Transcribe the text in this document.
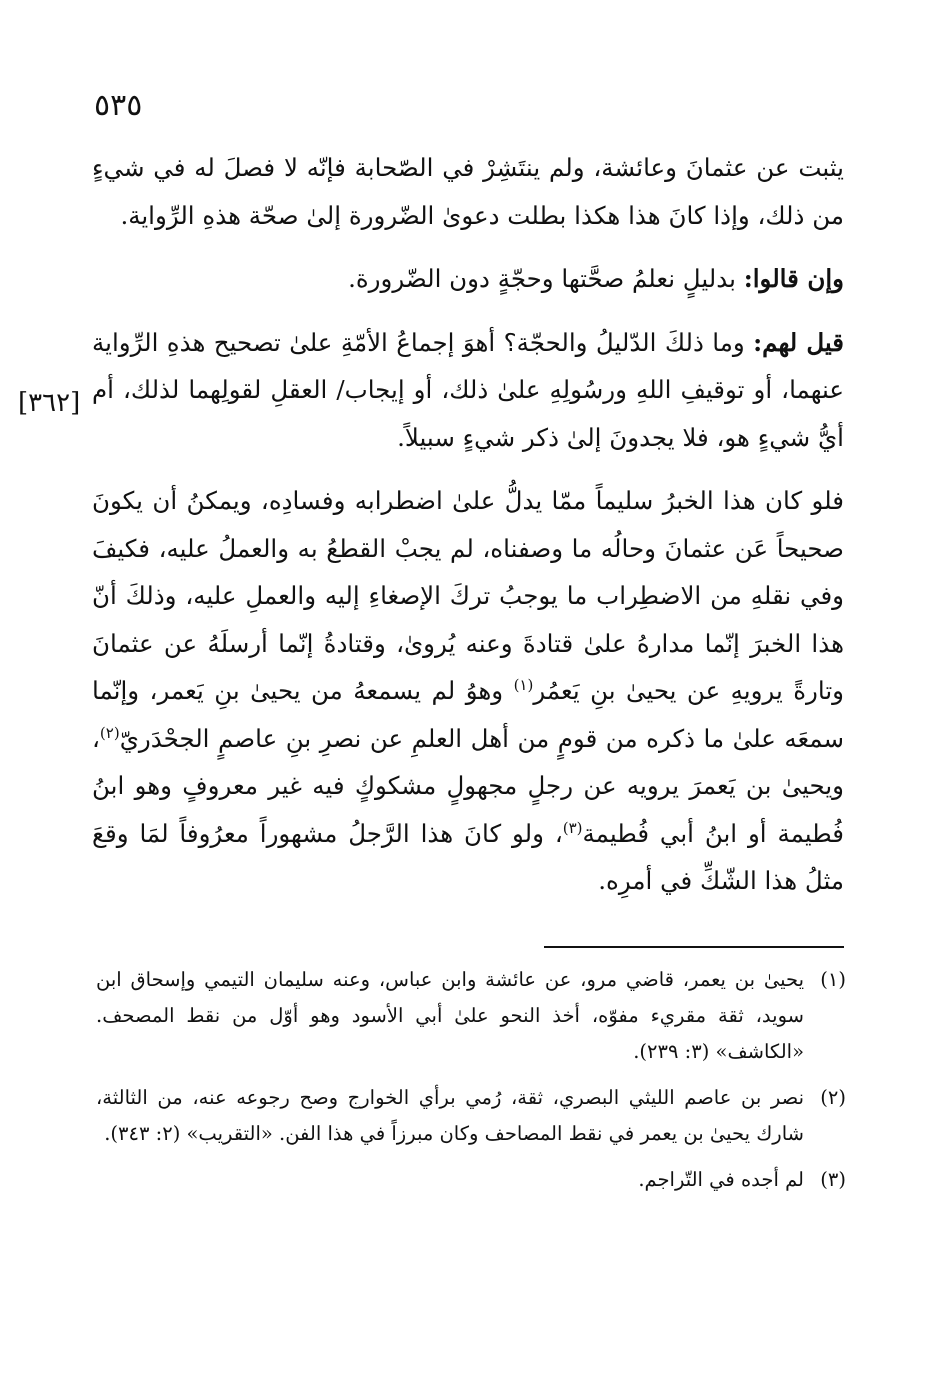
٥٣٥
[٣٦٢]

يثبت عن عثمانَ وعائشة، ولم ينتَشِرْ في الصّحابة فإنّه لا فصلَ له في شيءٍ من ذلك، وإذا كانَ هذا هكذا بطلت دعوىٰ الضّرورة إلىٰ صحّة هذهِ الرِّواية.

وإن قالوا: بدليلٍ نعلمُ صحَّتها وحجّةٍ دون الضّرورة.

قيل لهم: وما ذلكَ الدّليلُ والحجّة؟ أهوَ إجماعُ الأمّةِ علىٰ تصحيح هذهِ الرِّواية عنهما، أو توقيفِ اللهِ ورسُولِهِ علىٰ ذلك، أو إيجاب/ العقلِ لقولِهما لذلك، أم أيُّ شيءٍ هو، فلا يجدونَ إلىٰ ذكر شيءٍ سبيلاً.

فلو كان هذا الخبرُ سليماً ممّا يدلُّ علىٰ اضطرابه وفسادِه، ويمكنُ أن يكونَ صحيحاً عَن عثمانَ وحالُه ما وصفناه، لم يجبْ القطعُ به والعملُ عليه، فكيفَ وفي نقلهِ من الاضطِراب ما يوجبُ تركَ الإصغاءِ إليه والعملِ عليه، وذلكَ أنّ هذا الخبرَ إنّما مدارهُ علىٰ قتادةَ وعنه يُروىٰ، وقتادةُ إنّما أرسلَهُ عن عثمانَ وتارةً يرويهِ عن يحيىٰ بنِ يَعمُر$^{(١)}$ وهوُ لم يسمعهُ من يحيىٰ بنِ يَعمر، وإنّما سمعَه علىٰ ما ذكره من قومٍ من أهل العلمِ عن نصرِ بنِ عاصمٍ الجحْدَريّ$^{(٢)}$، ويحيىٰ بن يَعمرَ يرويه عن رجلٍ مجهولٍ مشكوكٍ فيه غير معروفٍ وهو ابنُ فُطيمة أو ابنُ أبي فُطيمة$^{(٣)}$، ولو كانَ هذا الرَّجلُ مشهوراً معرُوفاً لمَا وقعَ مثلُ هذا الشّكِّ في أمرِه.

(١)
يحيىٰ بن يعمر، قاضي مرو، عن عائشة وابن عباس، وعنه سليمان التيمي وإسحاق ابن سويد، ثقة مقريء مفوّه، أخذ النحو علىٰ أبي الأسود وهو أوّل من نقط المصحف. «الكاشف» (٣: ٢٣٩).
(٢)
نصر بن عاصم الليثي البصري، ثقة، رُمي برأي الخوارج وصح رجوعه عنه، من الثالثة، شارك يحيىٰ بن يعمر في نقط المصاحف وكان مبرزاً في هذا الفن. «التقريب» (٢: ٣٤٣).
(٣)
لم أجده في التّراجم.
